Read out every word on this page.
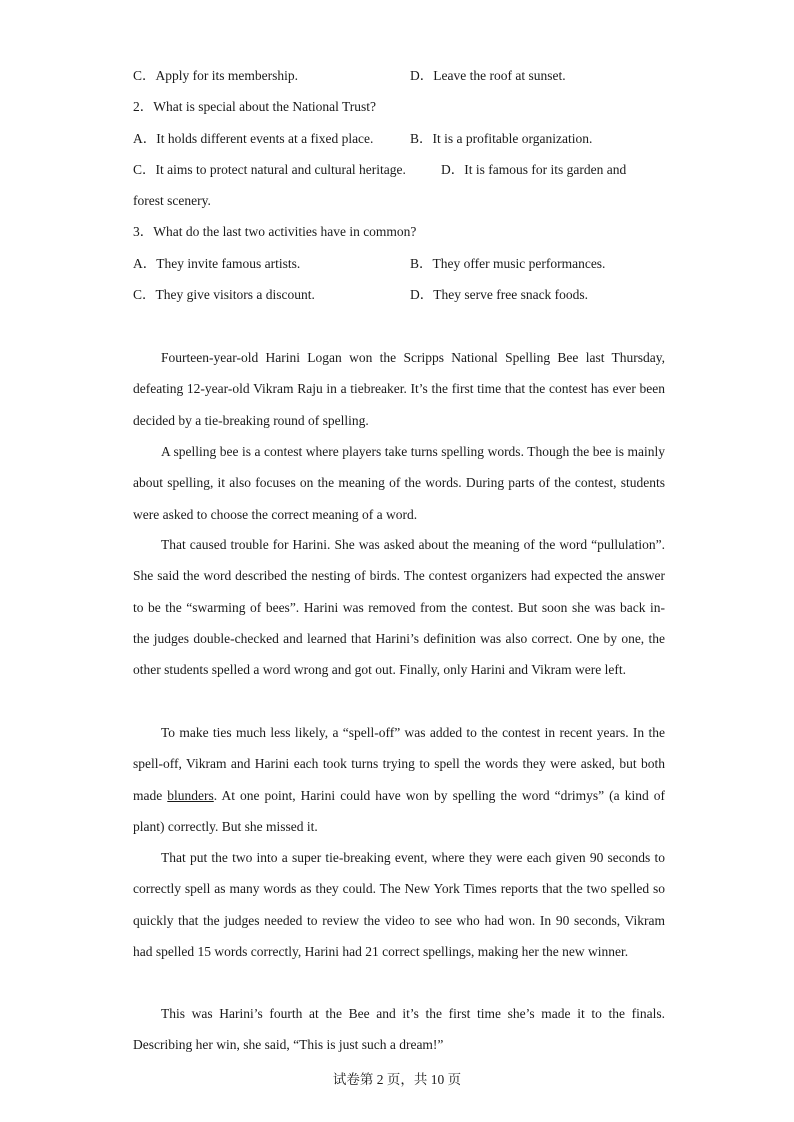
C．Apply for its membership.	D．Leave the roof at sunset.
2．What is special about the National Trust?
A．It holds different events at a fixed place.	B．It is a profitable organization.
C．It aims to protect natural and cultural heritage.	D．It is famous for its garden and
forest scenery.
3．What do the last two activities have in common?
A．They invite famous artists.	B．They offer music performances.
C．They give visitors a discount.	D．They serve free snack foods.

Fourteen-year-old Harini Logan won the Scripps National Spelling Bee last Thursday, defeating 12-year-old Vikram Raju in a tiebreaker. It’s the first time that the contest has ever been decided by a tie-breaking round of spelling.

A spelling bee is a contest where players take turns spelling words. Though the bee is mainly about spelling, it also focuses on the meaning of the words. During parts of the contest, students were asked to choose the correct meaning of a word.

That caused trouble for Harini. She was asked about the meaning of the word “pullulation”. She said the word described the nesting of birds. The contest organizers had expected the answer to be the “swarming of bees”. Harini was removed from the contest. But soon she was back in- the judges double-checked and learned that Harini’s definition was also correct. One by one, the other students spelled a word wrong and got out. Finally, only Harini and Vikram were left.

To make ties much less likely, a “spell-off” was added to the contest in recent years. In the spell-off, Vikram and Harini each took turns trying to spell the words they were asked, but both made blunders. At one point, Harini could have won by spelling the word “drimys” (a kind of plant) correctly. But she missed it.

That put the two into a super tie-breaking event, where they were each given 90 seconds to correctly spell as many words as they could. The New York Times reports that the two spelled so quickly that the judges needed to review the video to see who had won. In 90 seconds, Vikram had spelled 15 words correctly, Harini had 21 correct spellings, making her the new winner.

This was Harini’s fourth at the Bee and it’s the first time she’s made it to the finals. Describing her win, she said, “This is just such a dream!”

试卷第 2 页，共 10 页
